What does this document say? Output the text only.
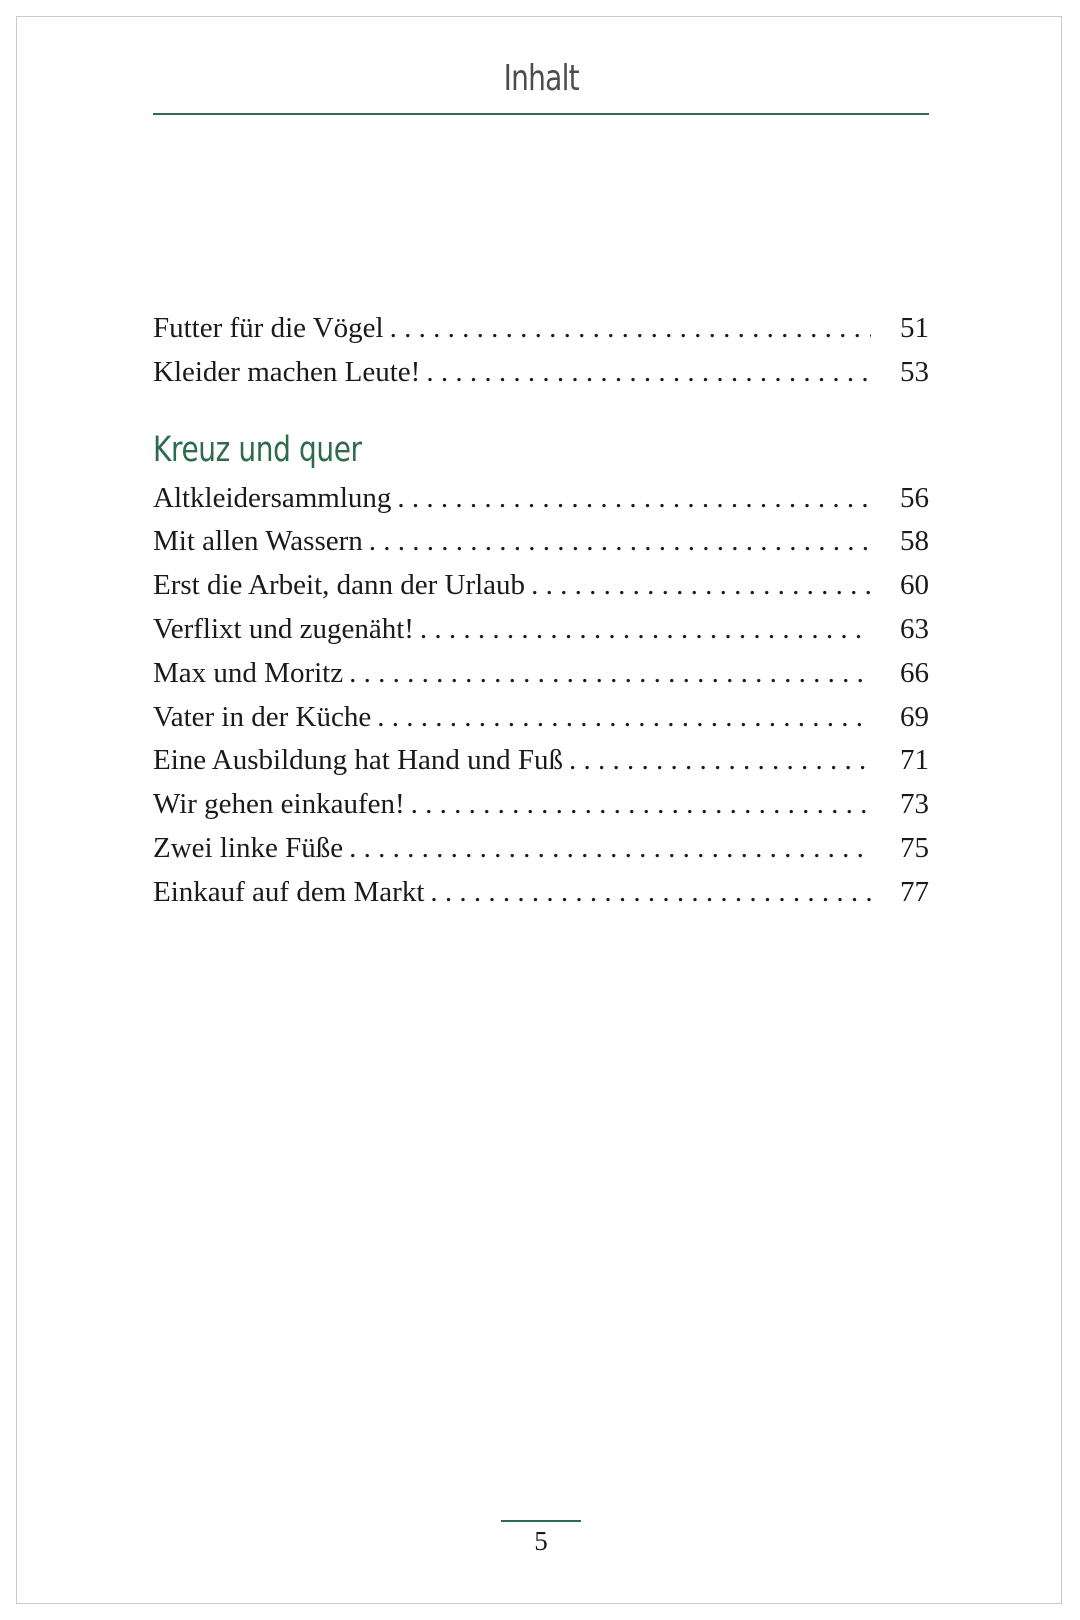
Inhalt
Futter für die Vögel . . .	51
Kleider machen Leute! . . .	53
Kreuz und quer
Altkleidersammlung . . .	56
Mit allen Wassern . . .	58
Erst die Arbeit, dann der Urlaub . . .	60
Verflixt und zugenäht! . . .	63
Max und Moritz . . .	66
Vater in der Küche . . .	69
Eine Ausbildung hat Hand und Fuß . . .	71
Wir gehen einkaufen! . . .	73
Zwei linke Füße . . .	75
Einkauf auf dem Markt . . .	77
5
